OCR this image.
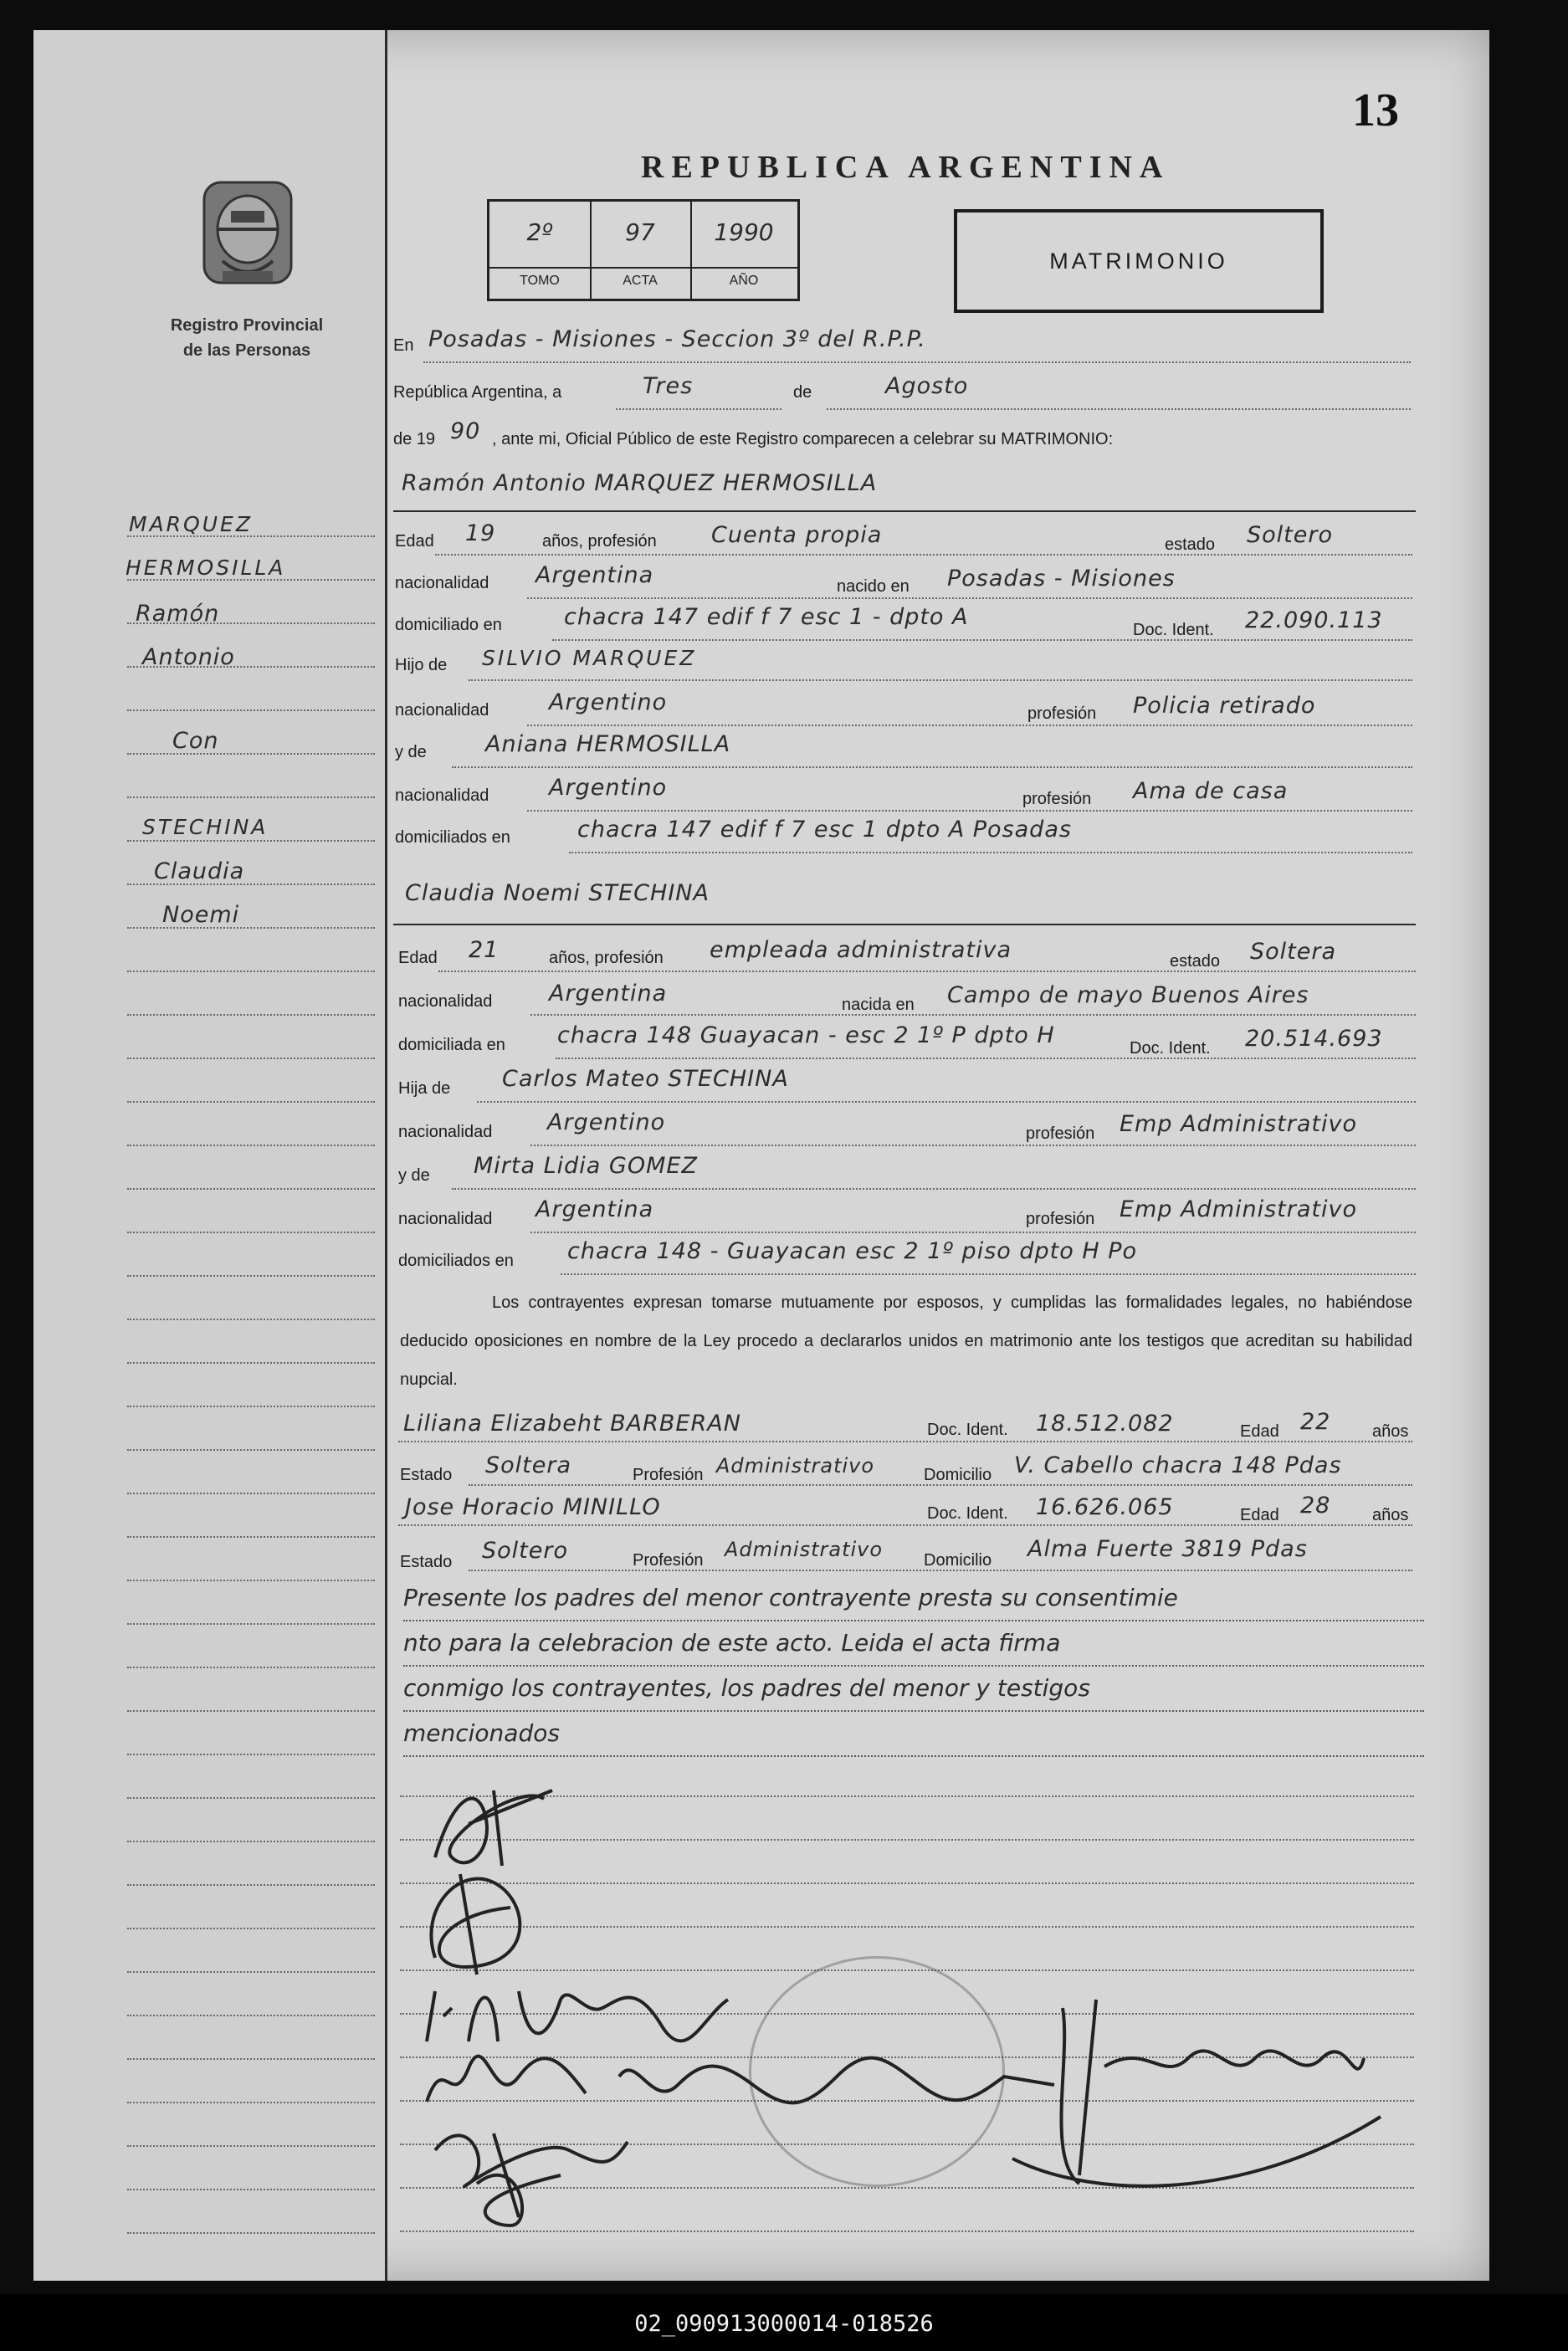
13
Registro Provincial
de las Personas
REPUBLICA ARGENTINA
2º
TOMO
97
ACTA
1990
AÑO
MATRIMONIO
MARQUEZ
HERMOSILLA
Ramón
Antonio
Con
STECHINA
Claudia
Noemi
En Posadas - Misiones - Seccion 3º del R.P.P.
República Argentina, a	Tres	de	Agosto
de 19 90 , ante mi, Oficial Público de este Registro comparecen a celebrar su MATRIMONIO:
Ramón Antonio MARQUEZ HERMOSILLA
Edad 19	años, profesión Cuenta propia	estado Soltero
nacionalidad Argentina	nacido en Posadas - Misiones
domiciliado en	chacra 147 edif f 7 esc 1 - dpto A	Doc. Ident. 22.090.113
Hijo de SILVIO MARQUEZ
nacionalidad	Argentino	profesión Policia retirado
y de	Aniana HERMOSILLA
nacionalidad	Argentino	profesión Ama de casa
domiciliados en	chacra 147 edif f 7 esc 1 dpto A Posadas
Claudia Noemi STECHINA
Edad 21	años, profesión empleada administrativa	estado Soltera
nacionalidad	Argentina	nacida en Campo de mayo Buenos Aires
domiciliada en chacra 148 Guayacan - esc 2 1º P dpto H	Doc. Ident. 20.514.693
Hija de Carlos Mateo STECHINA
nacionalidad Argentino	profesión Emp Administrativo
y de Mirta Lidia GOMEZ
nacionalidad Argentina	profesión Emp Administrativo
domiciliados en chacra 148 - Guayacan esc 2 1º piso dpto H Po
Los contrayentes expresan tomarse mutuamente por esposos, y cumplidas las formalidades legales, no habiéndose deducido oposiciones en nombre de la Ley procedo a declararlos unidos en matrimonio ante los testigos que acreditan su habilidad nupcial.
Liliana Elizabeht BARBERAN	Doc. Ident. 18.512.082	Edad 22 años
Estado Soltera	Profesión Administrativo	Domicilio V. Cabello chacra 148 Pdas
Jose Horacio MINILLO	Doc. Ident. 16.626.065	Edad 28 años
Estado Soltero	Profesión Administrativo Domicilio Alma Fuerte 3819 Pdas
Presente los padres del menor contrayente presta su consentimie
nto para la celebracion de este acto. Leida el acta firma
conmigo los contrayentes, los padres del menor y testigos
mencionados
02_090913000014-018526
